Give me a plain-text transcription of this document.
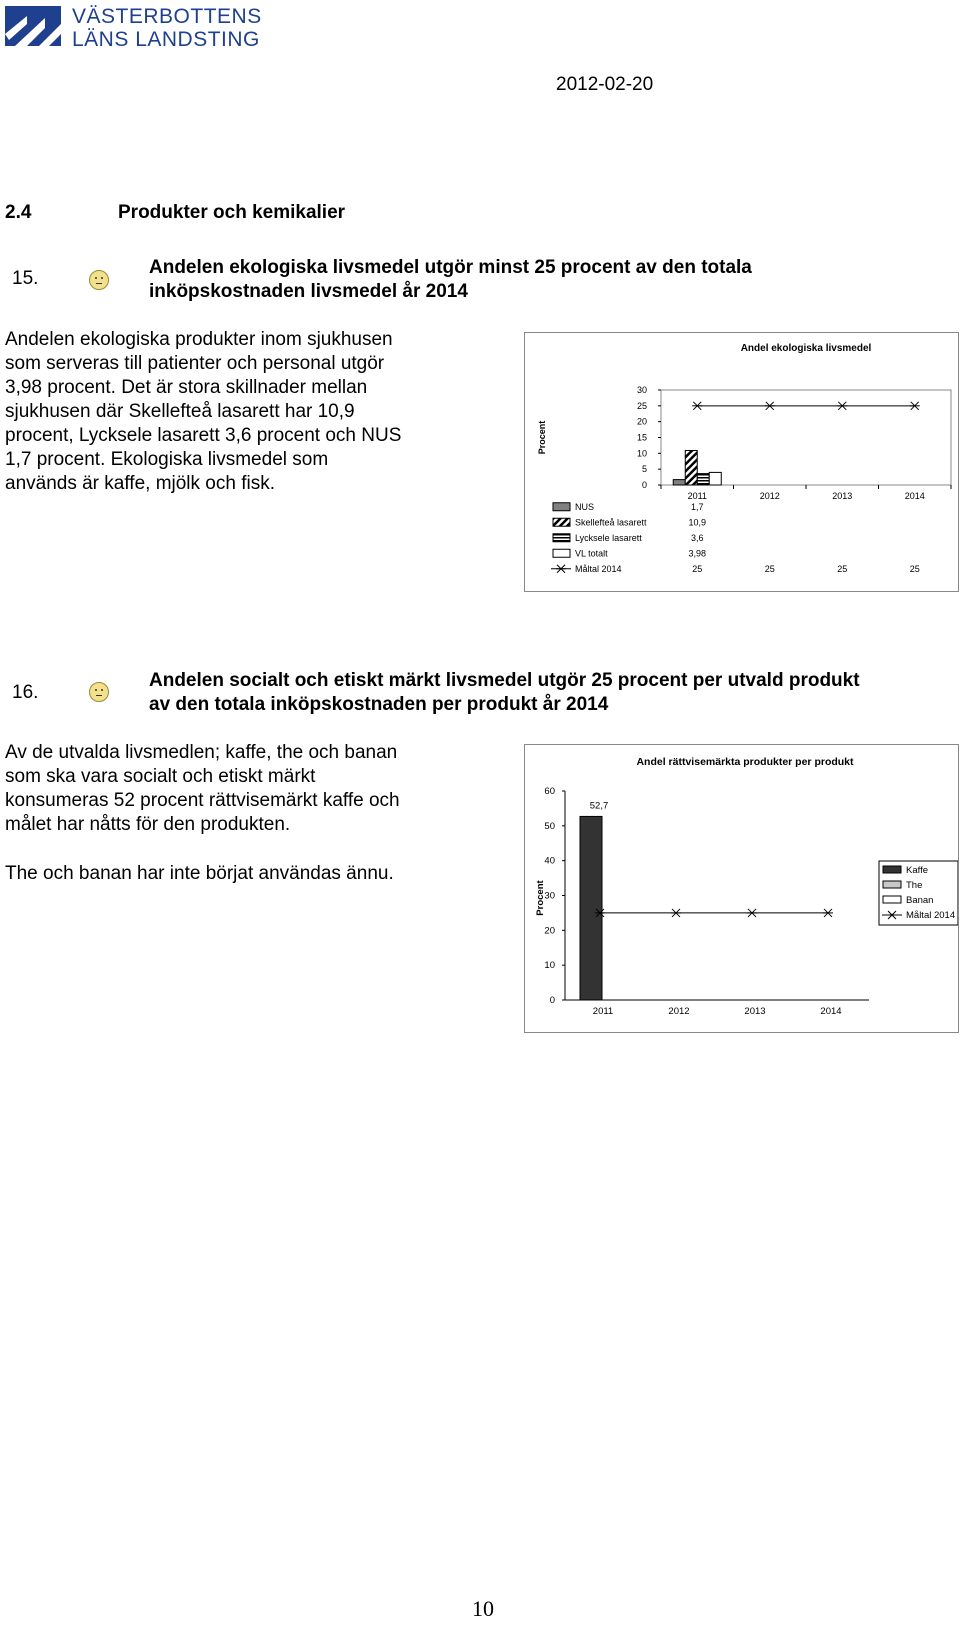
VÄSTERBOTTENS
LÄNS LANDSTING
2012-02-20
2.4	Produkter och kemikalier
15.
Andelen ekologiska livsmedel utgör minst 25 procent av den totala inköpskostnaden livsmedel år 2014
Andelen ekologiska produkter inom sjukhusen
som serveras till patienter och personal utgör
3,98 procent. Det är stora skillnader mellan
sjukhusen där Skellefteå lasarett har 10,9
procent, Lycksele lasarett 3,6 procent och NUS
1,7 procent. Ekologiska livsmedel som
används är kaffe, mjölk och fisk.
Andel ekologiska livsmedel
Procent
0
5
10
15
20
25
30
2011	2012	2013	2014
NUS	1,7
Skellefteå lasarett	10,9
Lycksele lasarett	3,6
VL totalt	3,98
Måltal 2014	25	25	25	25
16.
Andelen socialt och etiskt märkt livsmedel utgör 25 procent per utvald produkt
av den totala inköpskostnaden per produkt år 2014
Av de utvalda livsmedlen; kaffe, the och banan
som ska vara socialt och etiskt märkt
konsumeras 52 procent rättvisemärkt kaffe och
målet har nåtts för den produkten.
The och banan har inte börjat användas ännu.
Andel rättvisemärkta produkter per produkt
Procent
0
10
20
30
40
50
60
2011	2012	2013	2014
52,7
Kaffe
The
Banan
Måltal 2014
10
